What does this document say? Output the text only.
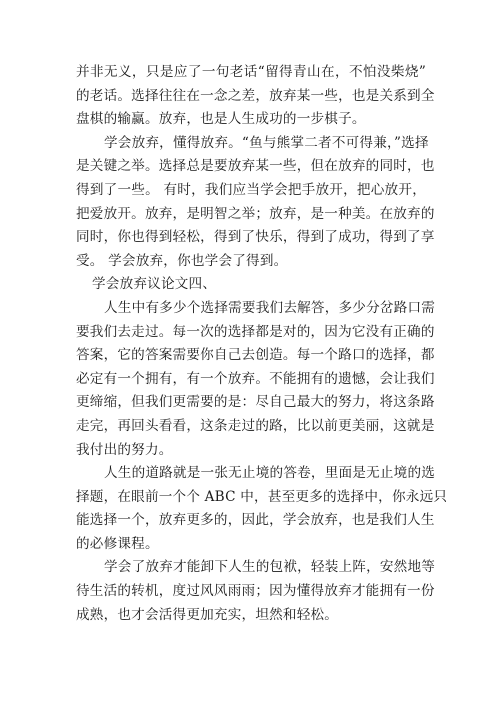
并非无义，只是应了一句老话“留得青山在，不怕没柴烧”
的老话。选择往往在一念之差，放弃某一些，也是关系到全
盘棋的输赢。放弃，也是人生成功的一步棋子。
学会放弃，懂得放弃。“鱼与熊掌二者不可得兼，”选择
是关键之举。选择总是要放弃某一些，但在放弃的同时，也
得到了一些。 有时，我们应当学会把手放开，把心放开，
把爱放开。放弃，是明智之举；放弃，是一种美。在放弃的
同时，你也得到轻松，得到了快乐，得到了成功，得到了享
受。 学会放弃，你也学会了得到。
学会放弃议论文四、
人生中有多少个选择需要我们去解答，多少分岔路口需
要我们去走过。每一次的选择都是对的，因为它没有正确的
答案，它的答案需要你自己去创造。每一个路口的选择，都
必定有一个拥有，有一个放弃。不能拥有的遗憾，会让我们
更缔缩，但我们更需要的是：尽自己最大的努力，将这条路
走完，再回头看看，这条走过的路，比以前更美丽，这就是
我付出的努力。
人生的道路就是一张无止境的答卷，里面是无止境的选
择题，在眼前一个个 ABC 中，甚至更多的选择中，你永远只
能选择一个，放弃更多的，因此，学会放弃，也是我们人生
的必修课程。
学会了放弃才能卸下人生的包袱，轻装上阵，安然地等
待生活的转机，度过风风雨雨；因为懂得放弃才能拥有一份
成熟，也才会活得更加充实，坦然和轻松。
